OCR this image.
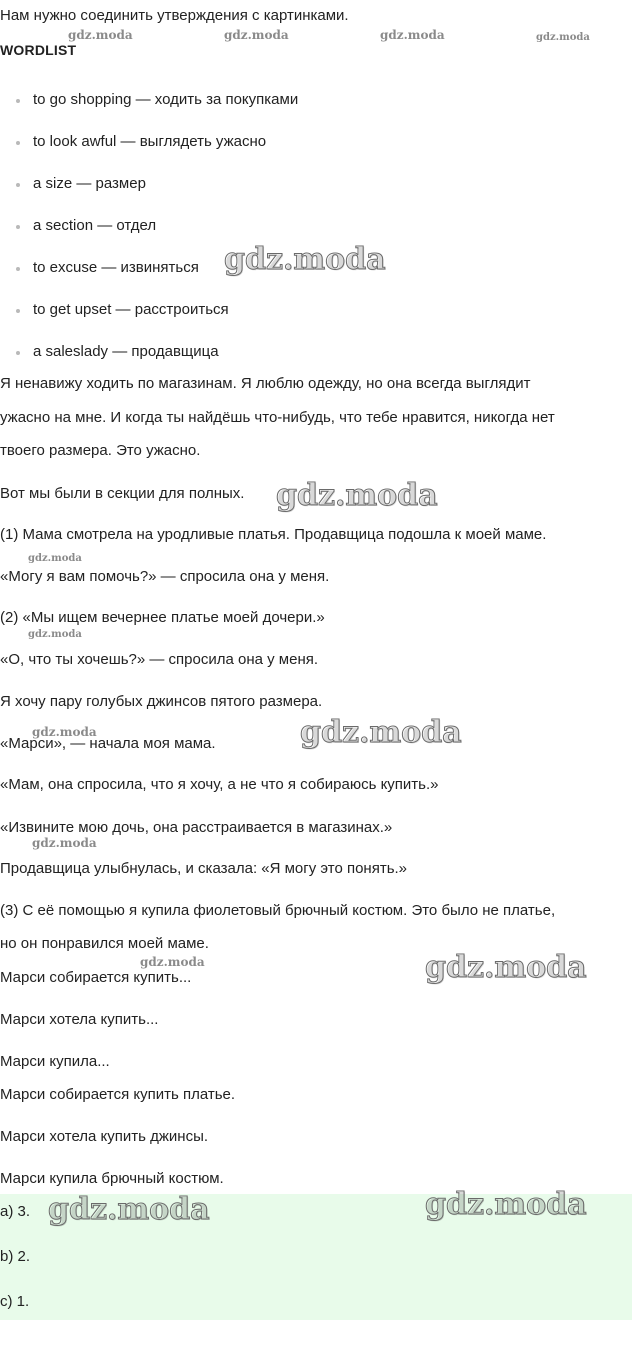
Нам нужно соединить утверждения с картинками.
WORDLIST
to go shopping — ходить за покупками
to look awful — выглядеть ужасно
a size — размер
a section — отдел
to excuse — извиняться
to get upset — расстроиться
a saleslady — продавщица
Я ненавижу ходить по магазинам. Я люблю одежду, но она всегда выглядит
ужасно на мне. И когда ты найдёшь что-нибудь, что тебе нравится, никогда нет
твоего размера. Это ужасно.
Вот мы были в секции для полных.
(1) Мама смотрела на уродливые платья. Продавщица подошла к моей маме.
«Могу я вам помочь?» — спросила она у меня.
(2) «Мы ищем вечернее платье моей дочери.»
«О, что ты хочешь?» — спросила она у меня.
Я хочу пару голубых джинсов пятого размера.
«Марси», — начала моя мама.
«Мам, она спросила, что я хочу, а не что я собираюсь купить.»
«Извините мою дочь, она расстраивается в магазинах.»
Продавщица улыбнулась, и сказала: «Я могу это понять.»
(3) С её помощью я купила фиолетовый брючный костюм. Это было не платье,
но он понравился моей маме.
Марси собирается купить...
Марси хотела купить...
Марси купила...
Марси собирается купить платье.
Марси хотела купить джинсы.
Марси купила брючный костюм.
a) 3.
b) 2.
c) 1.
gdz.moda	gdz.moda	gdz.moda	gdz.moda
gdz.moda
gdz.moda
gdz.moda
gdz.moda
gdz.moda	gdz.moda
gdz.moda
gdz.moda	gdz.moda
gdz.moda	gdz.moda
